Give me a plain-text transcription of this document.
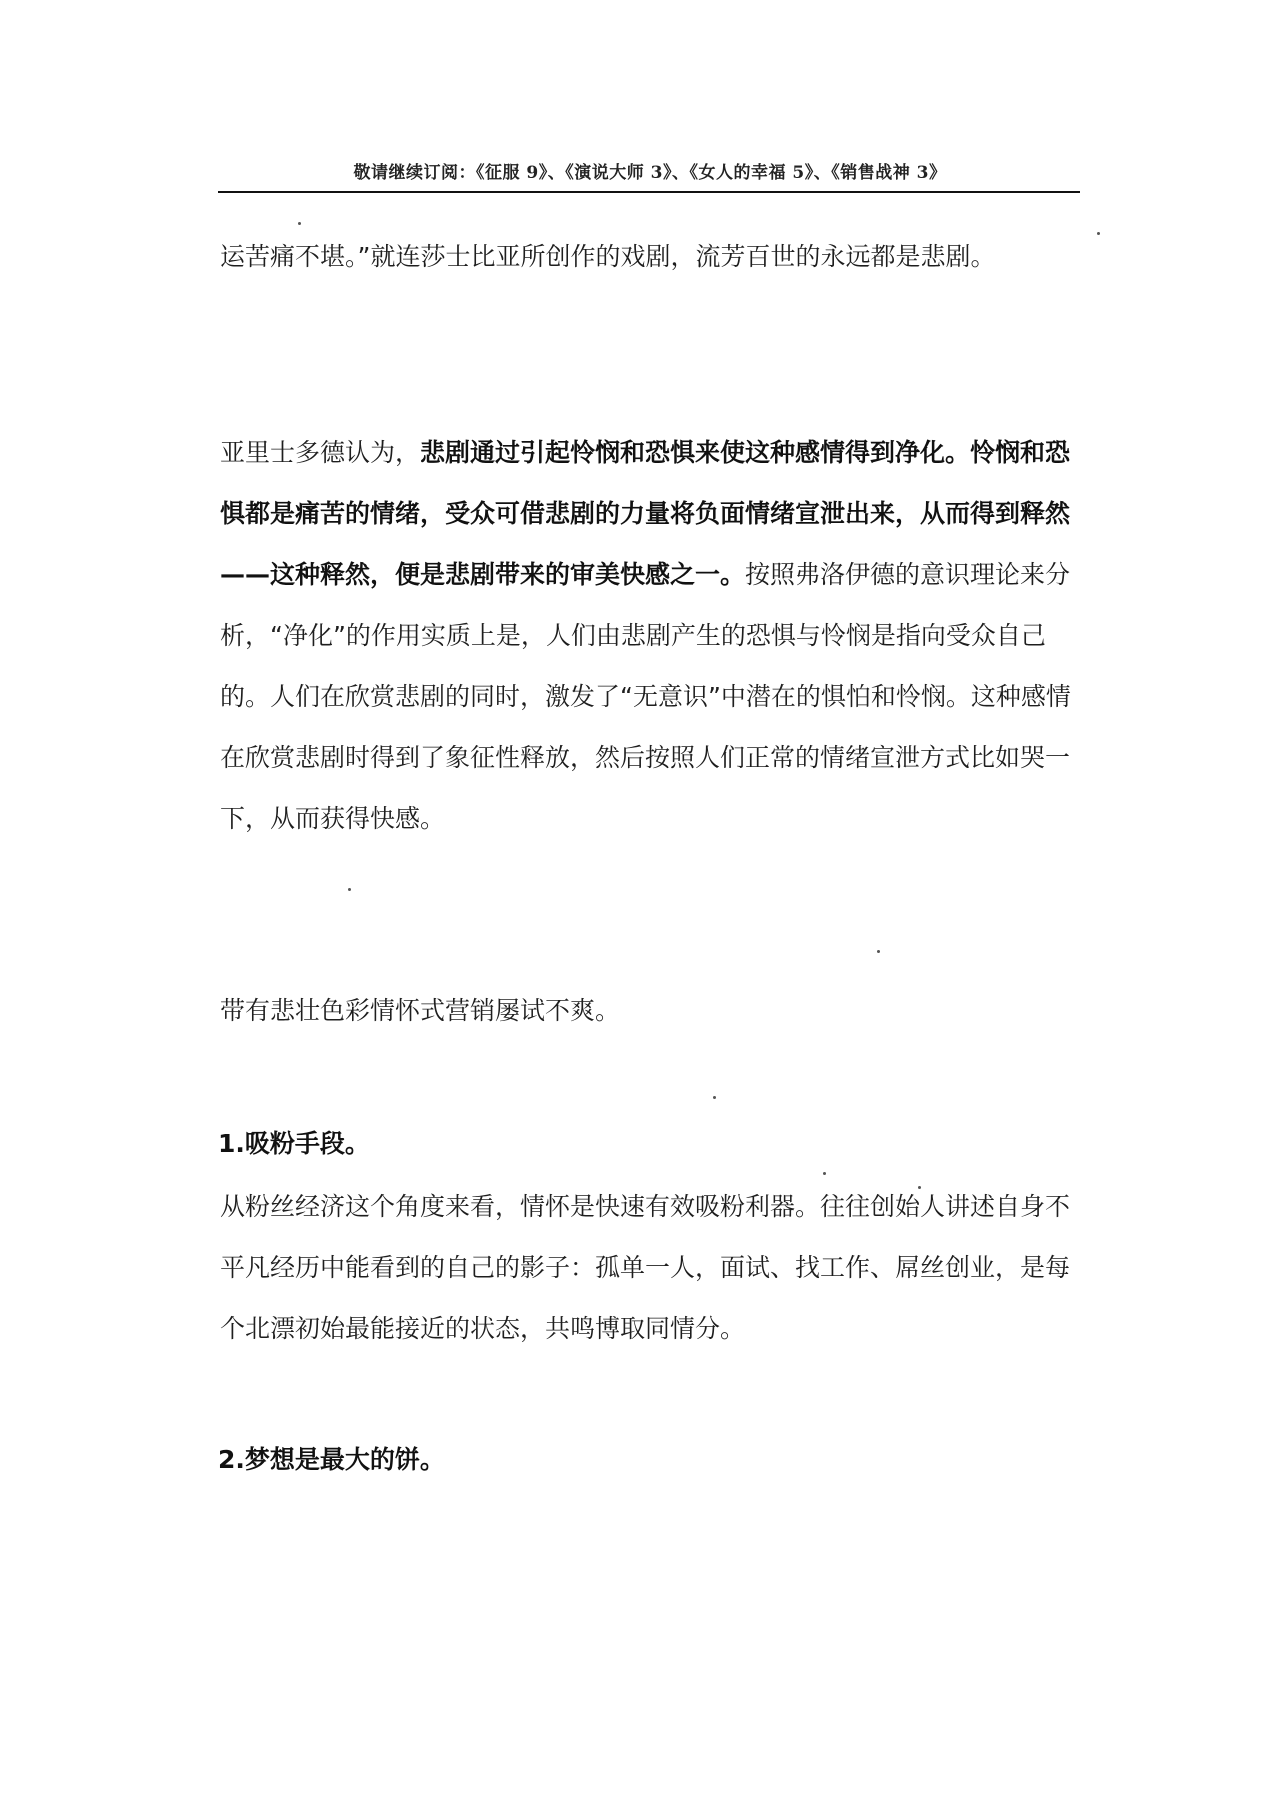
敬请继续订阅：《征服 9》、《演说大师 3》、《女人的幸福 5》、《销售战神 3》

运苦痛不堪。”就连莎士比亚所创作的戏剧，流芳百世的永远都是悲剧。

亚里士多德认为，悲剧通过引起怜悯和恐惧来使这种感情得到净化。怜悯和恐惧都是痛苦的情绪，受众可借悲剧的力量将负面情绪宣泄出来，从而得到释然——这种释然，便是悲剧带来的审美快感之一。按照弗洛伊德的意识理论来分析，“净化”的作用实质上是，人们由悲剧产生的恐惧与怜悯是指向受众自己的。人们在欣赏悲剧的同时，激发了“无意识”中潜在的惧怕和怜悯。这种感情在欣赏悲剧时得到了象征性释放，然后按照人们正常的情绪宣泄方式比如哭一下，从而获得快感。

带有悲壮色彩情怀式营销屡试不爽。

1.吸粉手段。

从粉丝经济这个角度来看，情怀是快速有效吸粉利器。往往创始人讲述自身不平凡经历中能看到的自己的影子：孤单一人，面试、找工作、屌丝创业，是每个北漂初始最能接近的状态，共鸣博取同情分。

2.梦想是最大的饼。
